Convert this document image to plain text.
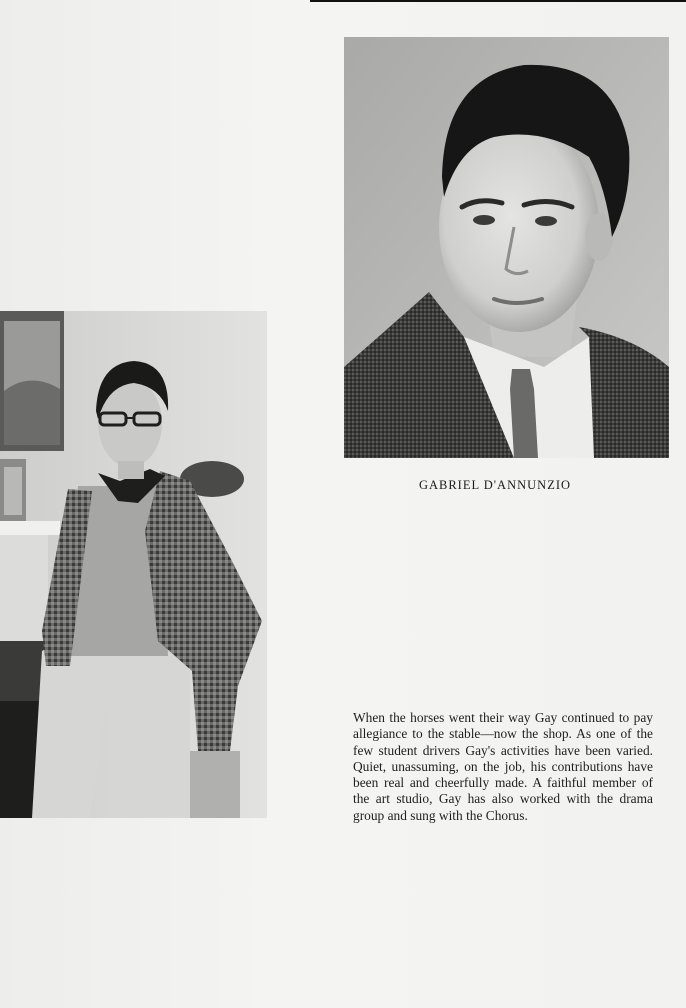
GABRIEL D'ANNUNZIO
When the horses went their way Gay continued to pay allegiance to the stable—now the shop. As one of the few student drivers Gay's activities have been varied. Quiet, unassuming, on the job, his contributions have been real and cheerfully made. A faithful member of the art studio, Gay has also worked with the drama group and sung with the Chorus.
